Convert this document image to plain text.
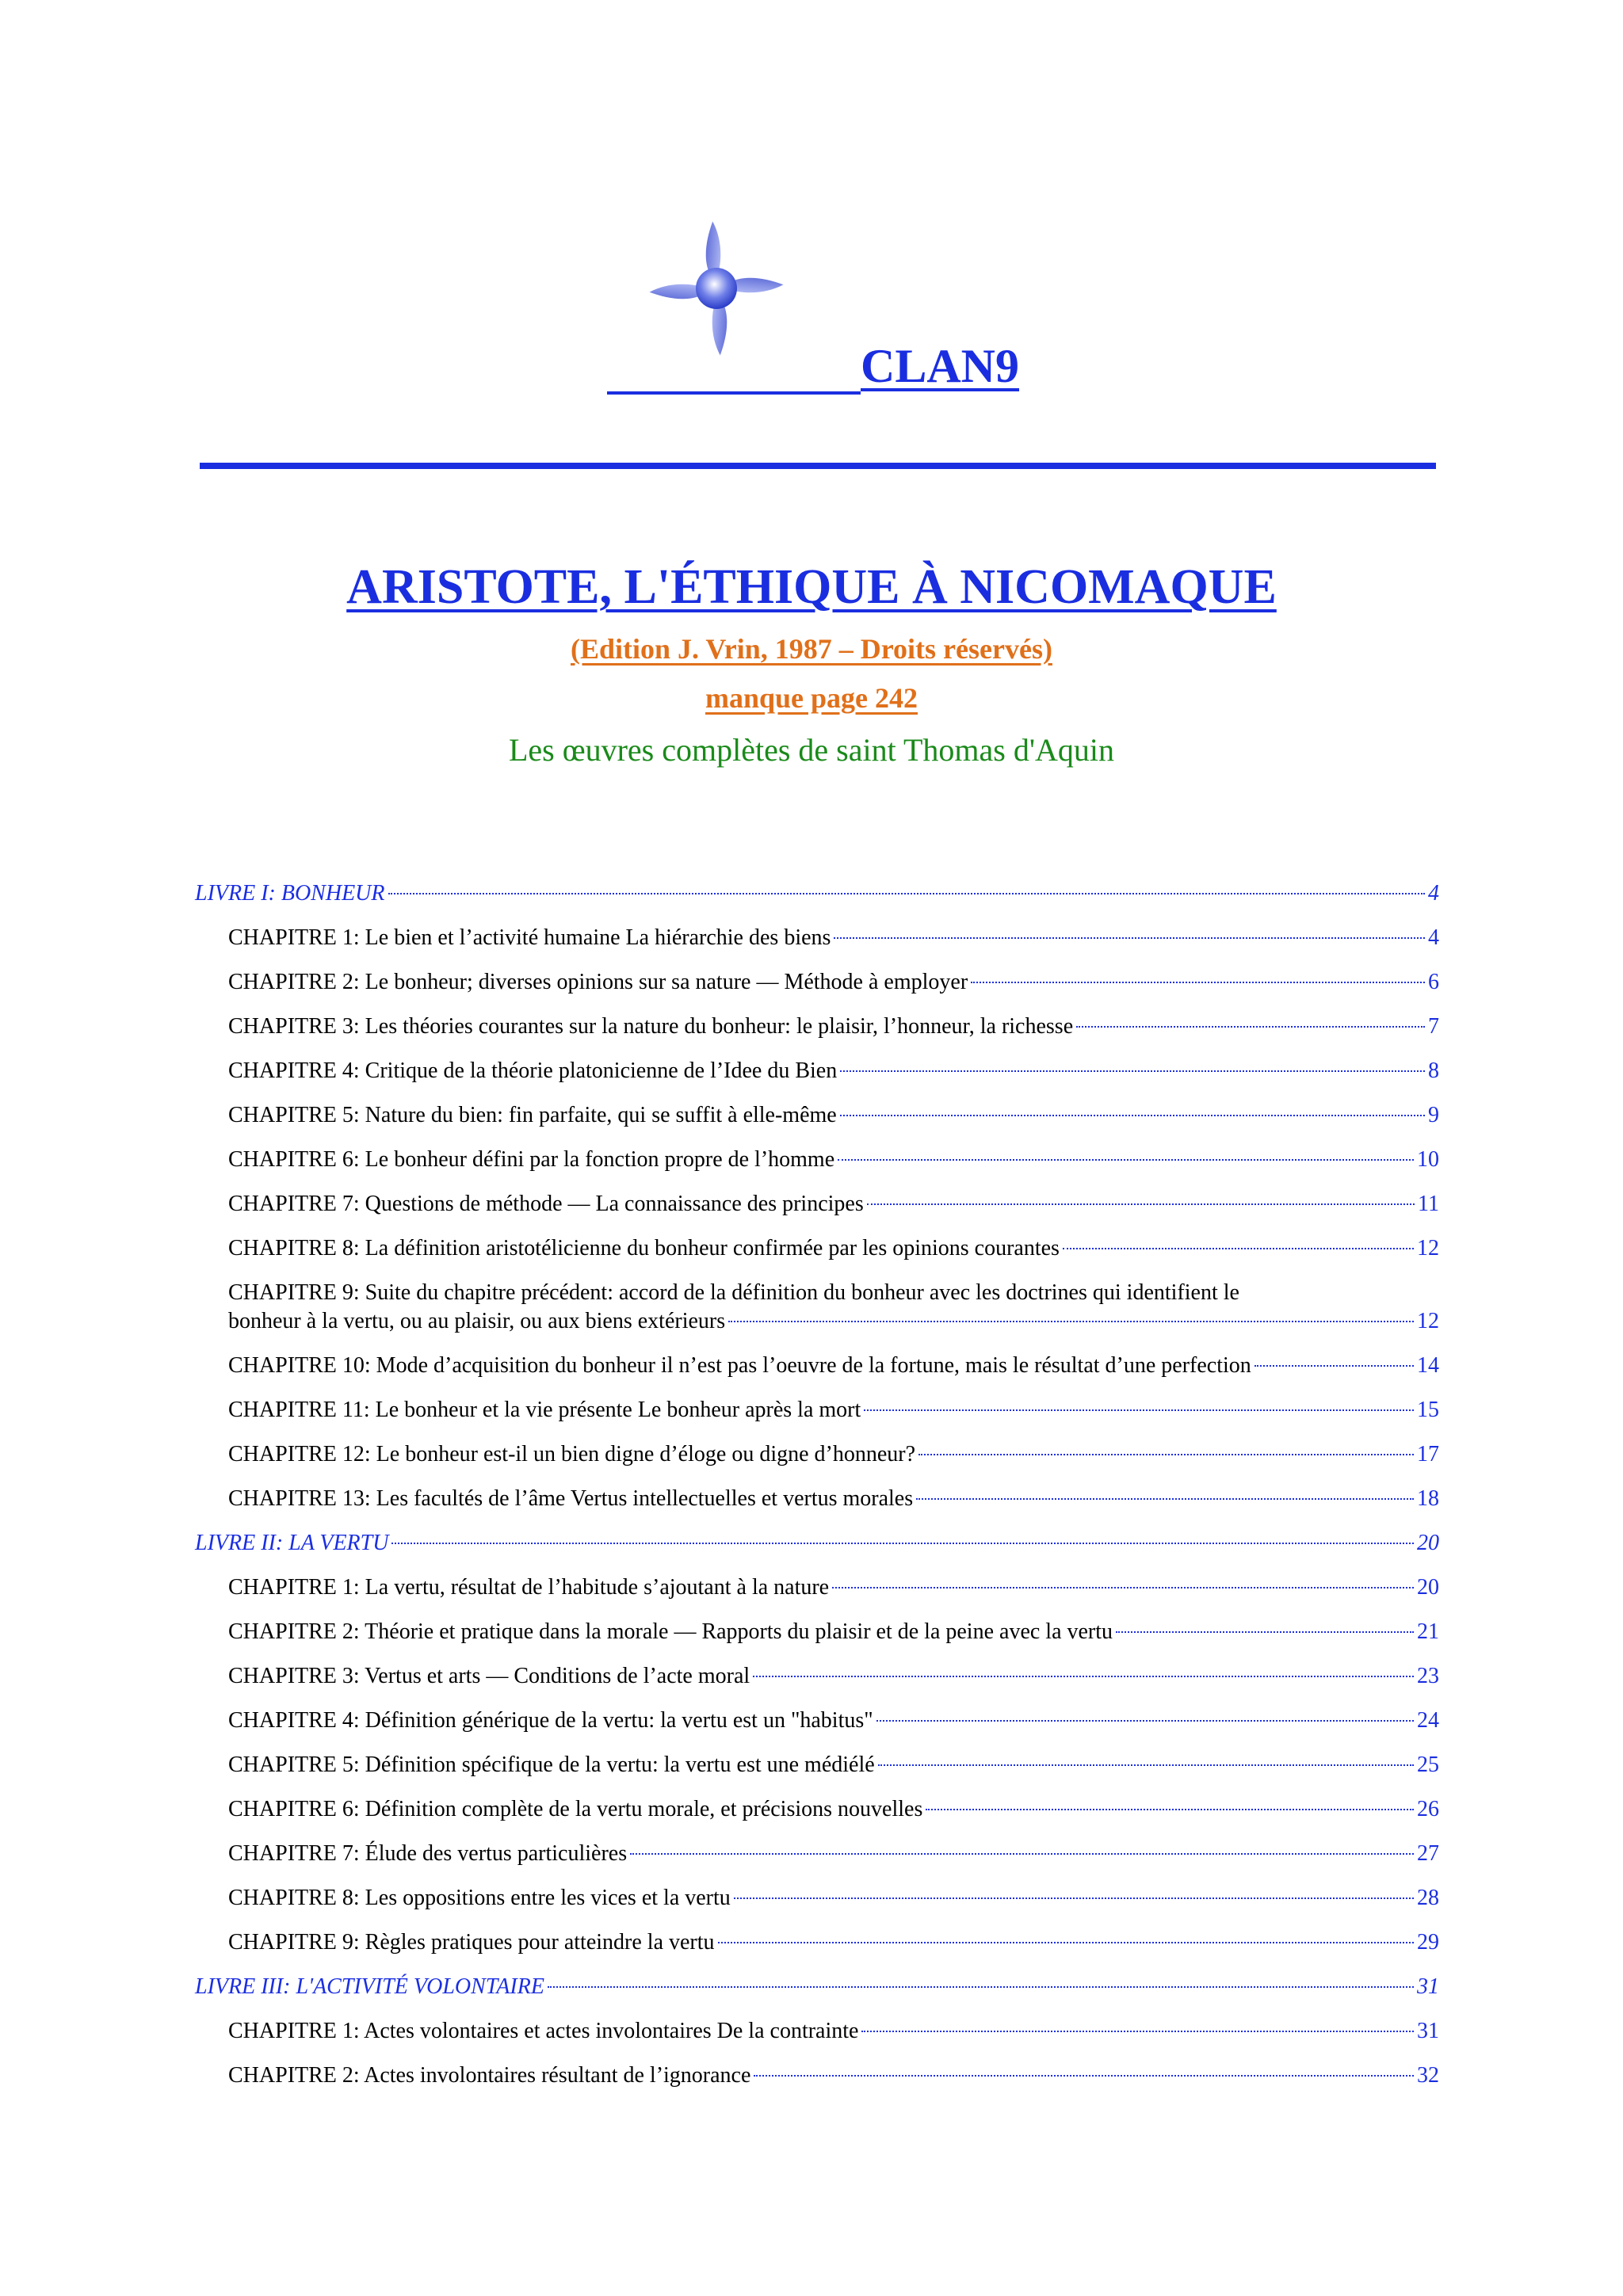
CLAN9
ARISTOTE, L'ÉTHIQUE À NICOMAQUE
(Edition J. Vrin, 1987 – Droits réservés)
manque page 242
Les œuvres complètes de saint Thomas d'Aquin
LIVRE I: BONHEUR	4
CHAPITRE 1: Le bien et l’activité humaine La hiérarchie des biens	4
CHAPITRE 2: Le bonheur; diverses opinions sur sa nature — Méthode à employer	6
CHAPITRE 3: Les théories courantes sur la nature du bonheur: le plaisir, l’honneur, la richesse	7
CHAPITRE 4: Critique de la théorie platonicienne de l’Idee du Bien	8
CHAPITRE 5: Nature du bien: fin parfaite, qui se suffit à elle-même	9
CHAPITRE 6: Le bonheur défini par la fonction propre de l’homme	10
CHAPITRE 7: Questions de méthode — La connaissance des principes	11
CHAPITRE 8: La définition aristotélicienne du bonheur confirmée par les opinions courantes	12
CHAPITRE 9: Suite du chapitre précédent: accord de la définition du bonheur avec les doctrines qui identifient le
bonheur à la vertu, ou au plaisir, ou aux biens extérieurs	12
CHAPITRE 10: Mode d’acquisition du bonheur il n’est pas l’oeuvre de la fortune, mais le résultat d’une perfection	14
CHAPITRE 11: Le bonheur et la vie présente Le bonheur après la mort	15
CHAPITRE 12: Le bonheur est-il un bien digne d’éloge ou digne d’honneur?	17
CHAPITRE 13: Les facultés de l’âme Vertus intellectuelles et vertus morales	18
LIVRE II: LA VERTU	20
CHAPITRE 1: La vertu, résultat de l’habitude s’ajoutant à la nature	20
CHAPITRE 2: Théorie et pratique dans la morale — Rapports du plaisir et de la peine avec la vertu	21
CHAPITRE 3: Vertus et arts — Conditions de l’acte moral	23
CHAPITRE 4: Définition générique de la vertu: la vertu est un "habitus"	24
CHAPITRE 5: Définition spécifique de la vertu: la vertu est une médiélé	25
CHAPITRE 6: Définition complète de la vertu morale, et précisions nouvelles	26
CHAPITRE 7: Élude des vertus particulières	27
CHAPITRE 8: Les oppositions entre les vices et la vertu	28
CHAPITRE 9: Règles pratiques pour atteindre la vertu	29
LIVRE III: L'ACTIVITÉ VOLONTAIRE	31
CHAPITRE 1: Actes volontaires et actes involontaires De la contrainte	31
CHAPITRE 2: Actes involontaires résultant de l’ignorance	32
